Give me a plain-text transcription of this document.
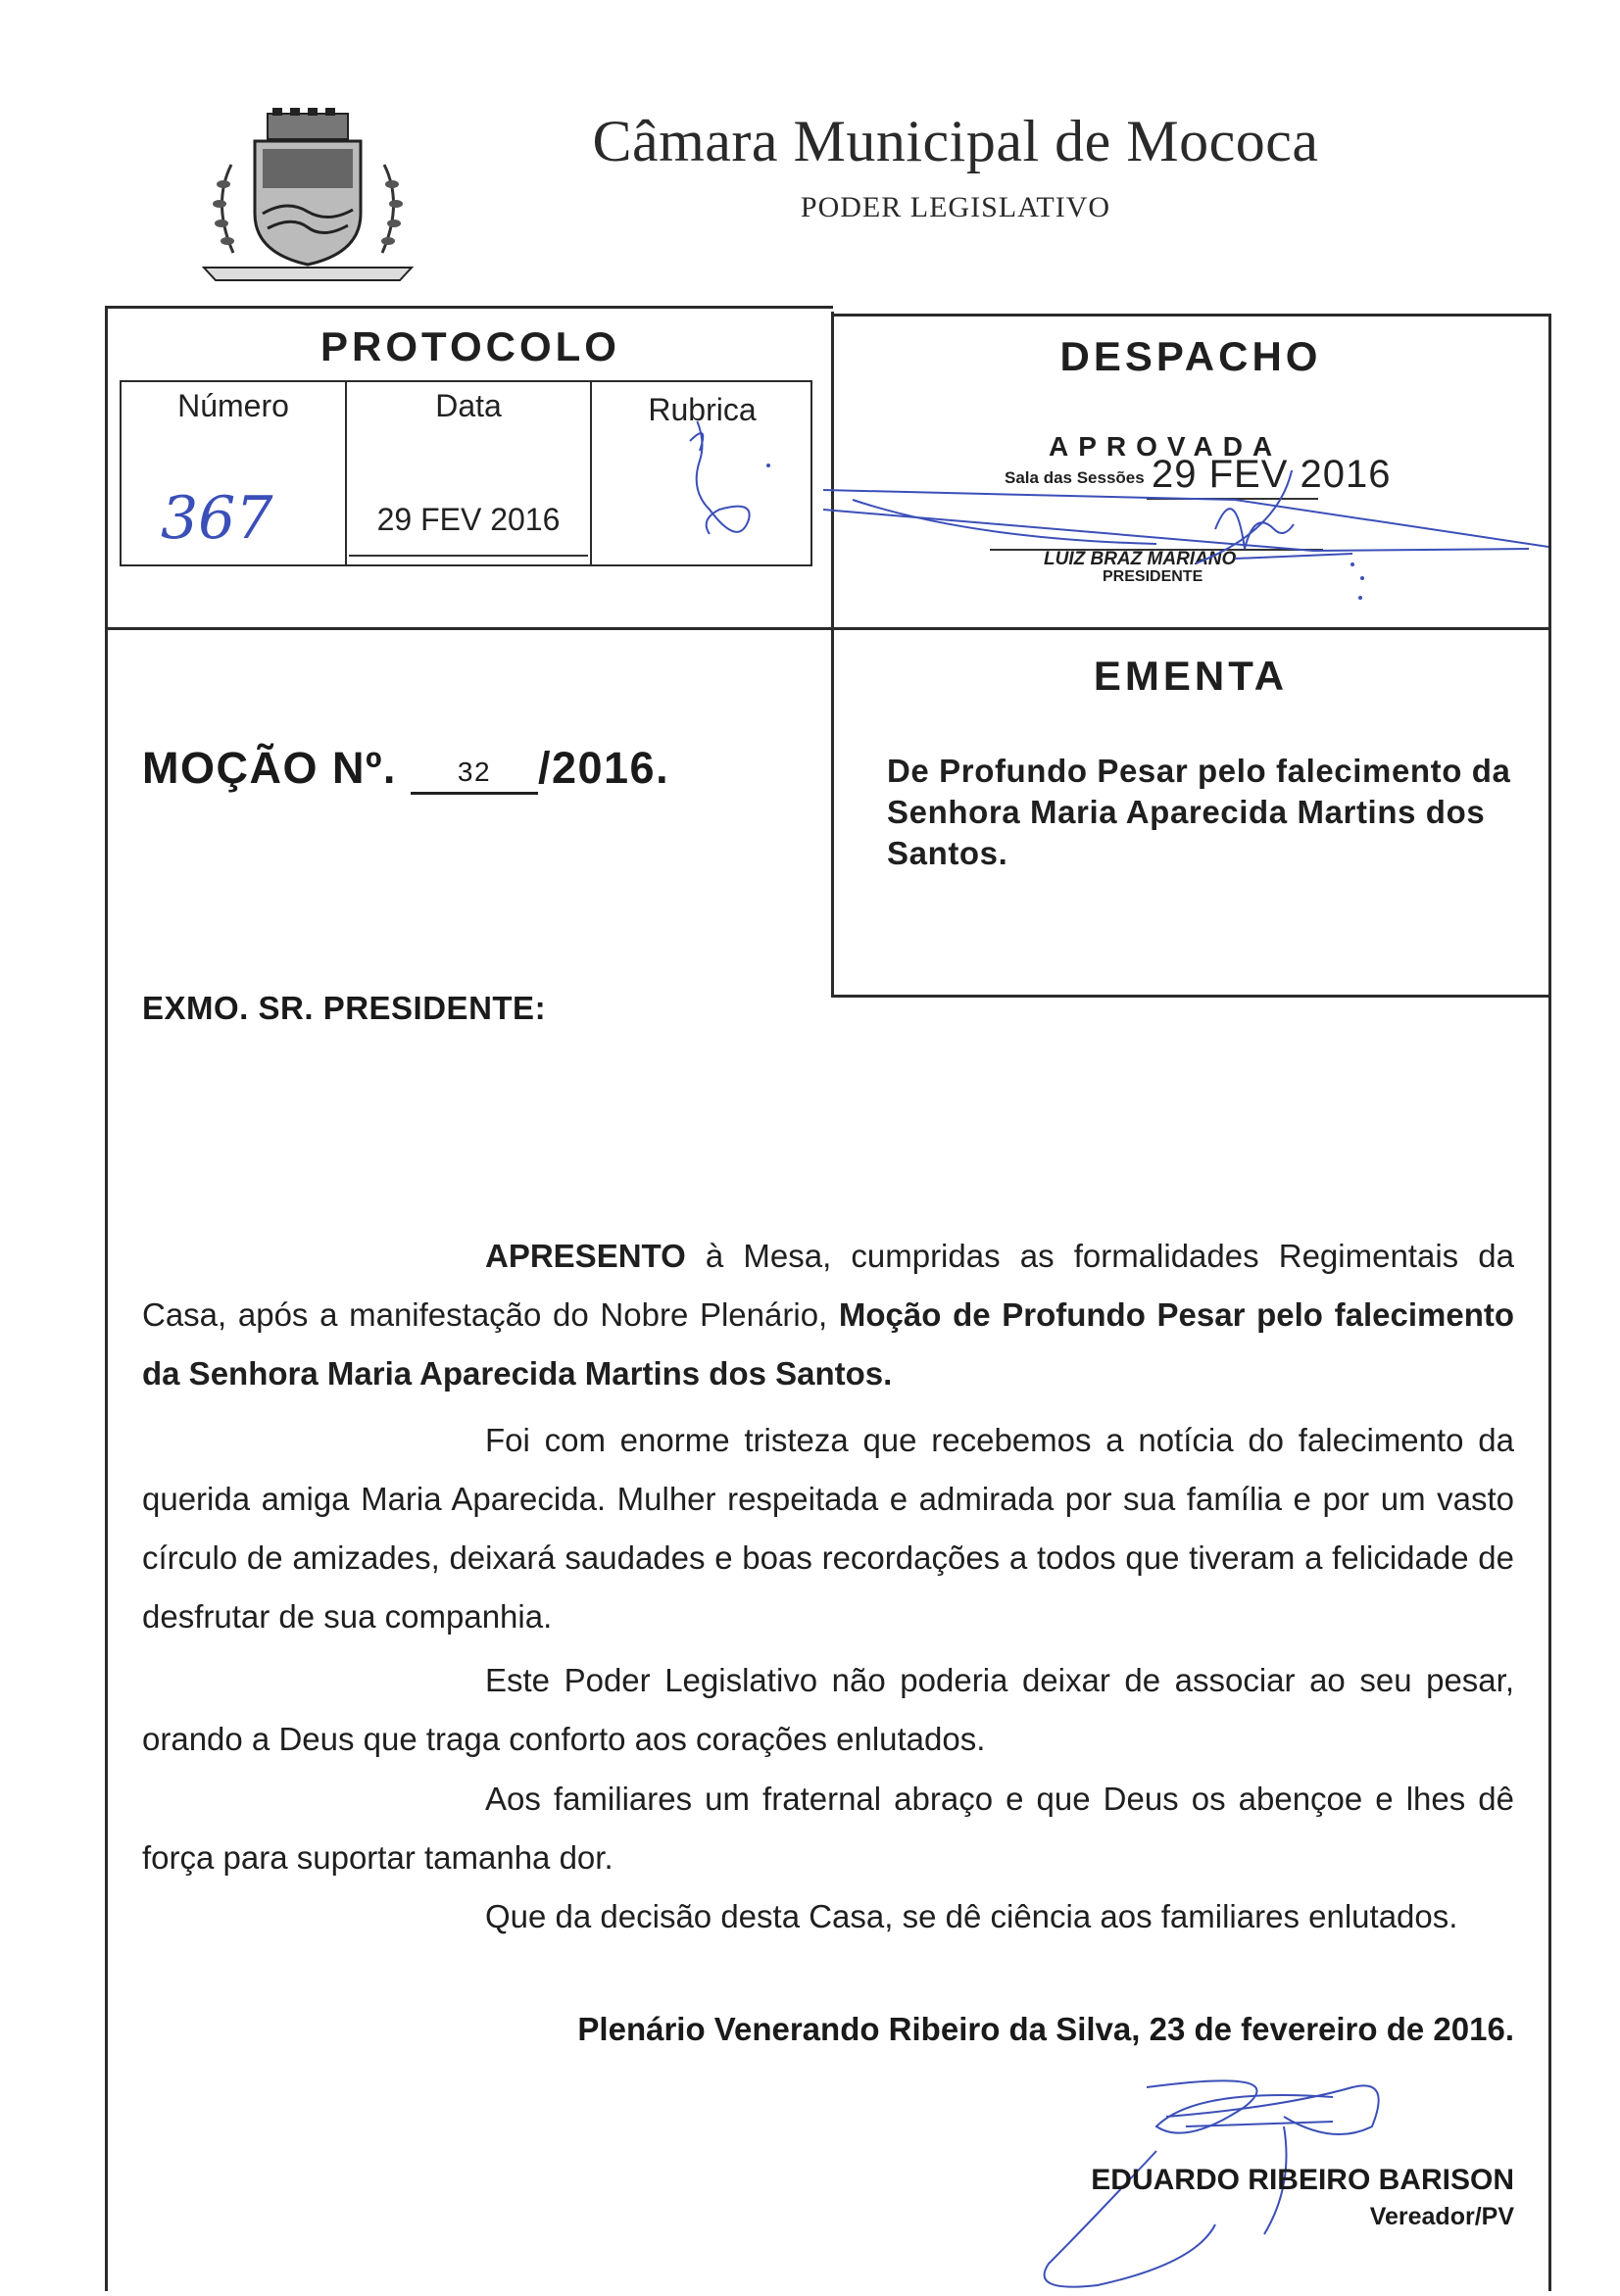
Câmara Municipal de Mococa
PODER LEGISLATIVO
PROTOCOLO
Número	Data	Rubrica
367	29 FEV 2016
DESPACHO
APROVADA
Sala das Sessões 29 FEV 2016
LUIZ BRAZ MARIANO
PRESIDENTE
EMENTA
De Profundo Pesar pelo falecimento da Senhora Maria Aparecida Martins dos Santos.
MOÇÃO Nº. 32 /2016.
EXMO. SR. PRESIDENTE:
APRESENTO à Mesa, cumpridas as formalidades Regimentais da Casa, após a manifestação do Nobre Plenário, Moção de Profundo Pesar pelo falecimento da Senhora Maria Aparecida Martins dos Santos.
Foi com enorme tristeza que recebemos a notícia do falecimento da querida amiga Maria Aparecida. Mulher respeitada e admirada por sua família e por um vasto círculo de amizades, deixará saudades e boas recordações a todos que tiveram a felicidade de desfrutar de sua companhia.
Este Poder Legislativo não poderia deixar de associar ao seu pesar, orando a Deus que traga conforto aos corações enlutados.
Aos familiares um fraternal abraço e que Deus os abençoe e lhes dê força para suportar tamanha dor.
Que da decisão desta Casa, se dê ciência aos familiares enlutados.
Plenário Venerando Ribeiro da Silva, 23 de fevereiro de 2016.
EDUARDO RIBEIRO BARISON
Vereador/PV
